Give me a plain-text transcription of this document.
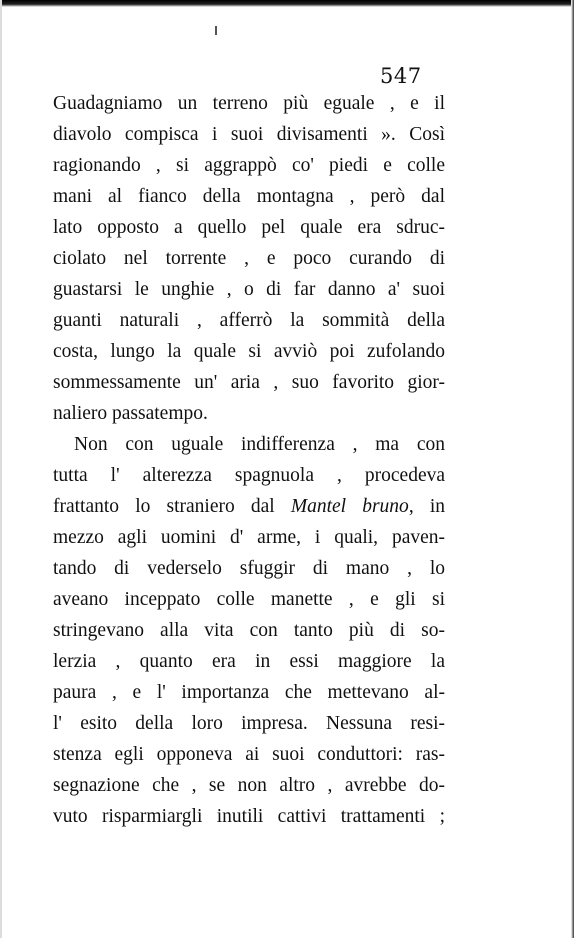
547
Guadagniamo un terreno più eguale , e il
diavolo compisca i suoi divisamenti ». Così
ragionando , si aggrappò co' piedi e colle
mani al fianco della montagna , però dal
lato opposto a quello pel quale era sdruc-
ciolato nel torrente , e poco curando di
guastarsi le unghie , o di far danno a' suoi
guanti naturali , afferrò la sommità della
costa, lungo la quale si avviò poi zufolando
sommessamente un' aria , suo favorito gior-
naliero passatempo.
Non con uguale indifferenza , ma con
tutta l' alterezza spagnuola , procedeva
frattanto lo straniero dal Mantel bruno, in
mezzo agli uomini d' arme, i quali, paven-
tando di vederselo sfuggir di mano , lo
aveano inceppato colle manette , e gli si
stringevano alla vita con tanto più di so-
lerzia , quanto era in essi maggiore la
paura , e l' importanza che mettevano al-
l' esito della loro impresa. Nessuna resi-
stenza egli opponeva ai suoi conduttori: ras-
segnazione che , se non altro , avrebbe do-
vuto risparmiargli inutili cattivi trattamenti ;
